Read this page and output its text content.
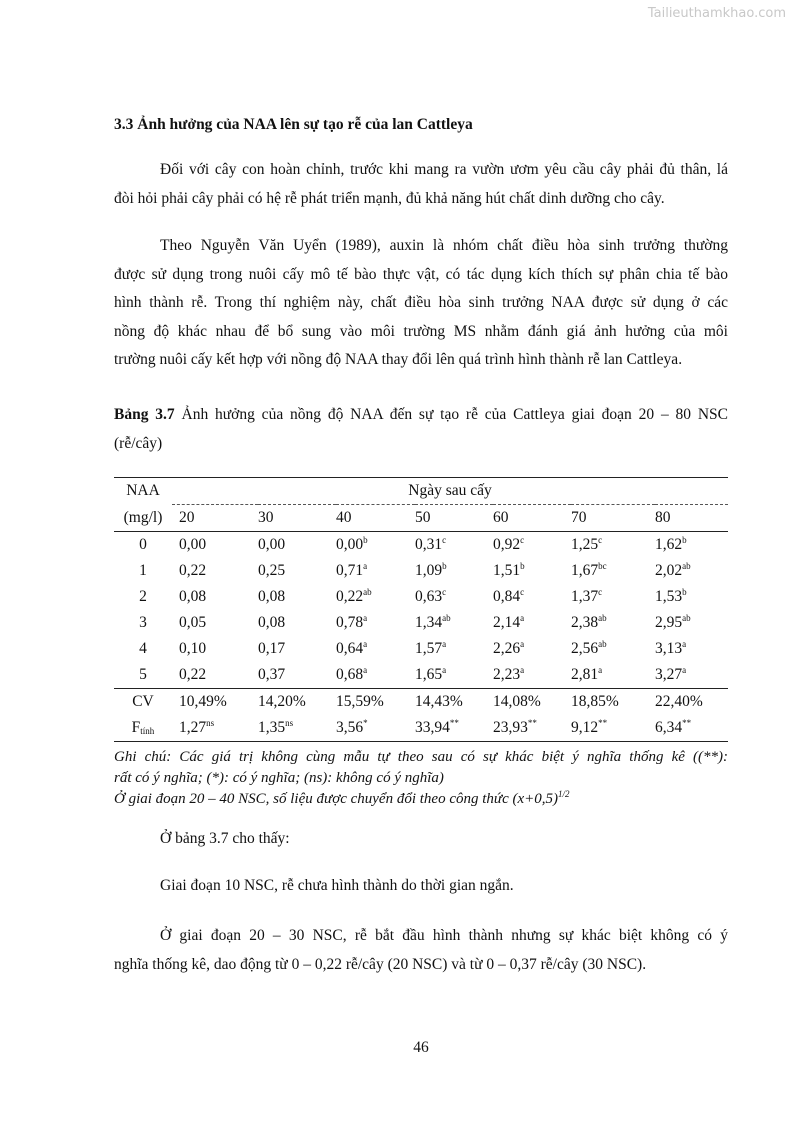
Tailieuthamkhao.com
3.3 Ảnh hưởng của NAA lên sự tạo rễ của lan Cattleya
Đối với cây con hoàn chỉnh, trước khi mang ra vườn ươm yêu cầu cây phải đủ thân, lá
đòi hỏi phải cây phải có hệ rễ phát triển mạnh, đủ khả năng hút chất dinh dưỡng cho cây.
Theo Nguyễn Văn Uyển (1989), auxin là nhóm chất điều hòa sinh trưởng thường
được sử dụng trong nuôi cấy mô tế bào thực vật, có tác dụng kích thích sự phân chia tế bào
hình thành rễ. Trong thí nghiệm này, chất điều hòa sinh trưởng NAA được sử dụng ở các
nồng độ khác nhau để bổ sung vào môi trường MS nhằm đánh giá ảnh hưởng của môi
trường nuôi cấy kết hợp với nồng độ NAA thay đổi lên quá trình hình thành rễ lan Cattleya.
Bảng 3.7 Ảnh hưởng của nồng độ NAA đến sự tạo rễ của Cattleya giai đoạn 20 – 80 NSC
(rễ/cây)
NAA	Ngày sau cấy						
(mg/l)	20	30	40	50	60	70	80
0	0,00	0,00	0,00$^b$	0,31$^c$	0,92$^c$	1,25$^c$	1,62$^b$
1	0,22	0,25	0,71$^a$	1,09$^b$	1,51$^b$	1,67$^{bc}$	2,02$^{ab}$
2	0,08	0,08	0,22$^{ab}$	0,63$^c$	0,84$^c$	1,37$^c$	1,53$^b$
3	0,05	0,08	0,78$^a$	1,34$^{ab}$	2,14$^a$	2,38$^{ab}$	2,95$^{ab}$
4	0,10	0,17	0,64$^a$	1,57$^a$	2,26$^a$	2,56$^{ab}$	3,13$^a$
5	0,22	0,37	0,68$^a$	1,65$^a$	2,23$^a$	2,81$^a$	3,27$^a$
CV	10,49%	14,20%	15,59%	14,43%	14,08%	18,85%	22,40%
$F_{tính}$	$1,27^{ns}$	$1,35^{ns}$	3,56*	33,94**	23,93**	9,12**	6,34**
Ghi chú: Các giá trị không cùng mẫu tự theo sau có sự khác biệt ý nghĩa thống kê ((**):
rất có ý nghĩa; (*): có ý nghĩa; (ns): không có ý nghĩa)
Ở giai đoạn 20 – 40 NSC, số liệu được chuyển đổi theo công thức $(x+0,5)^{1/2}$
Ở bảng 3.7 cho thấy:
Giai đoạn 10 NSC, rễ chưa hình thành do thời gian ngắn.
Ở giai đoạn 20 – 30 NSC, rễ bắt đầu hình thành nhưng sự khác biệt không có ý
nghĩa thống kê, dao động từ 0 – 0,22 rễ/cây (20 NSC) và từ 0 – 0,37 rễ/cây (30 NSC).
46
